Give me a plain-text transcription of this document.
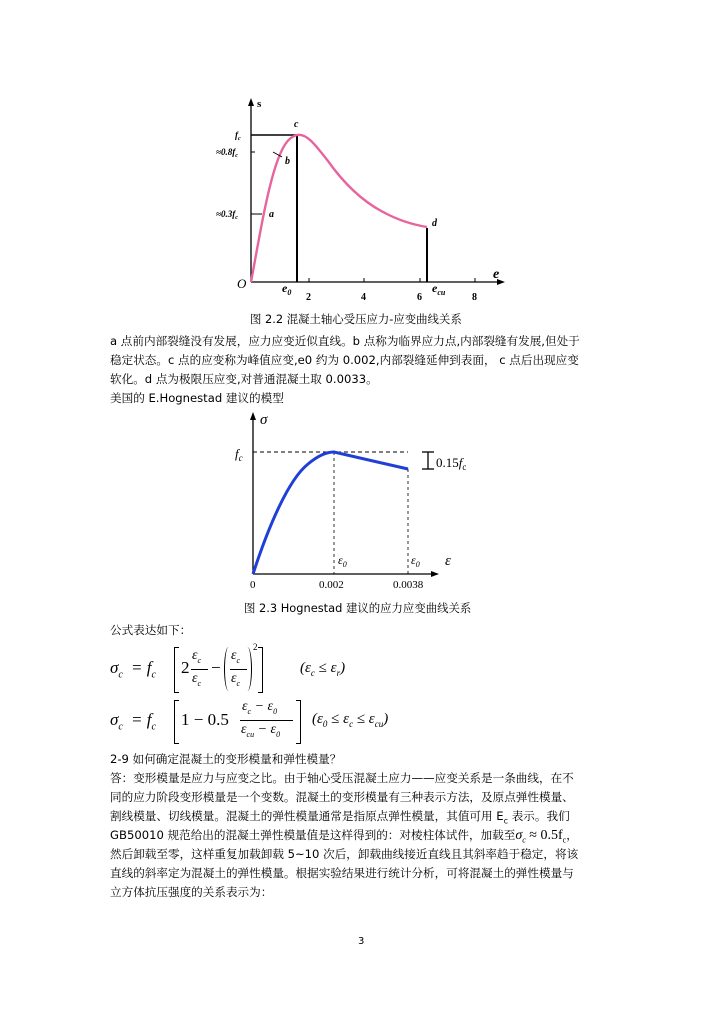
s
e
O
c
b
a
d
$f_c$
$\approx 0.8f_c$
$\approx 0.3f_c$
$e_0$ 2	4	6	8
$e_{cu}$
图 2.2 混凝土轴心受压应力-应变曲线关系
a 点前内部裂缝没有发展，应力应变近似直线。b 点称为临界应力点,内部裂缝有发展,但处于
稳定状态。c 点的应变称为峰值应变,e0 约为 0.002,内部裂缝延伸到表面， c 点后出现应变
软化。d 点为极限压应变,对普通混凝土取 0.0033。
美国的 E.Hognestad 建议的模型
$0.15f_c$
σ
ε
$f_c$
$\varepsilon_0$	$\varepsilon_0$
0	0.002	0.0038
图 2.3 Hognestad 建议的应力应变曲线关系
公式表达如下：
$\sigma_c = f_c$ 2
$\varepsilon_c$
$\varepsilon_c$
−
$\varepsilon_c$
$\varepsilon_c$
2
$(\varepsilon_c \le \varepsilon_r)$
$\sigma_c = f_c$ 1 − 0.5
$\varepsilon_c - \varepsilon_0$
$\varepsilon_{cu} - \varepsilon_0$
$(\varepsilon_0 \le \varepsilon_c \le \varepsilon_{cu})$
2-9 如何确定混凝土的变形模量和弹性模量？
答：变形模量是应力与应变之比。由于轴心受压混凝土应力——应变关系是一条曲线，在不
同的应力阶段变形模量是一个变数。混凝土的变形模量有三种表示方法，及原点弹性模量、
割线模量、切线模量。混凝土的弹性模量通常是指原点弹性模量，其值可用 $E_c$ 表示。我们
GB50010 规范给出的混凝土弹性模量值是这样得到的：对棱柱体试件，加载至$\sigma_c \approx 0.5f_c$，
然后卸载至零，这样重复加载卸载 5~10 次后，卸载曲线接近直线且其斜率趋于稳定，将该
直线的斜率定为混凝土的弹性模量。根据实验结果进行统计分析，可将混凝土的弹性模量与
立方体抗压强度的关系表示为：
3
